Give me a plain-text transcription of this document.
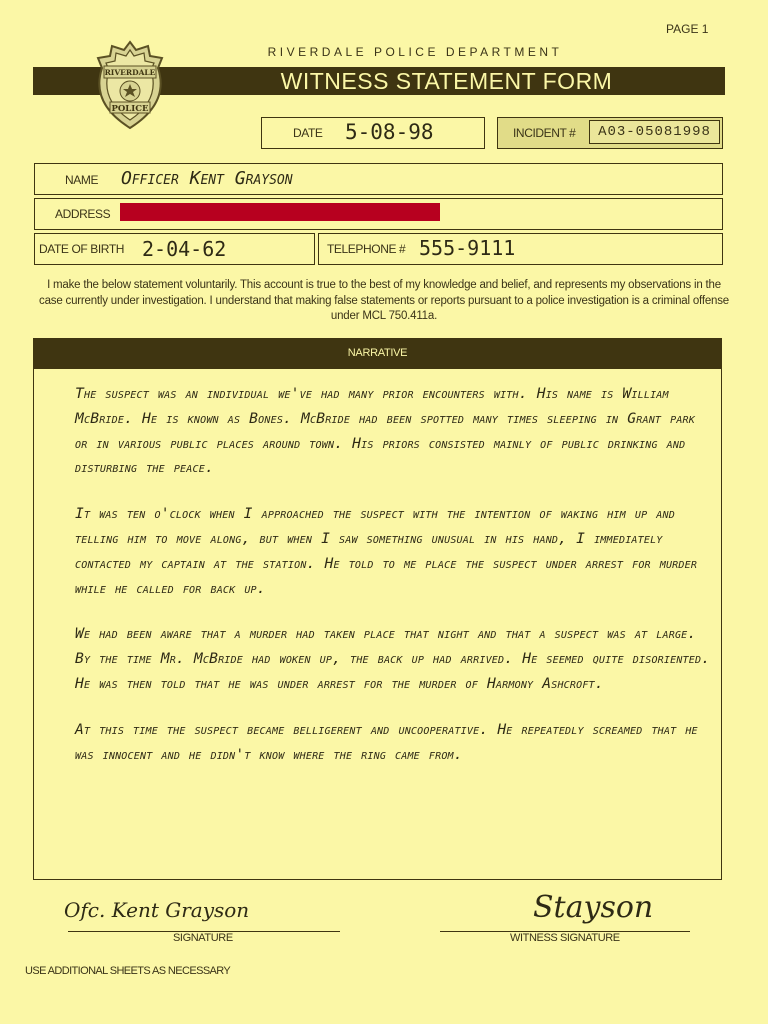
PAGE 1
RIVERDALE POLICE DEPARTMENT
WITNESS STATEMENT FORM
RIVERDALE
POLICE
DATE 5-08-98	INCIDENT #	A03-05081998
NAME Officer Kent Grayson
ADDRESS
DATE OF BIRTH 2-04-62	TELEPHONE # 555-9111
I make the below statement voluntarily. This account is true to the best of my knowledge and belief, and represents my observations in the case currently under investigation. I understand that making false statements or reports pursuant to a police investigation is a criminal offense under MCL 750.411a.
NARRATIVE

The suspect was an individual we've had many prior encounters with. His name is William McBride. He is known as Bones. McBride had been spotted many times sleeping in Grant park or in various public places around town. His priors consisted mainly of public drinking and disturbing the peace.

It was ten o'clock when I approached the suspect with the intention of waking him up and telling him to move along, but when I saw something unusual in his hand, I immediately contacted my captain at the station. He told to me place the suspect under arrest for murder while he called for back up.

We had been aware that a murder had taken place that night and that a suspect was at large. By the time Mr. McBride had woken up, the back up had arrived. He seemed quite disoriented. He was then told that he was under arrest for the murder of Harmony Ashcroft.

At this time the suspect became belligerent and uncooperative. He repeatedly screamed that he was innocent and he didn't know where the ring came from.

Ofc. Kent Grayson
SIGNATURE
Stayson
WITNESS SIGNATURE
USE ADDITIONAL SHEETS AS NECESSARY
